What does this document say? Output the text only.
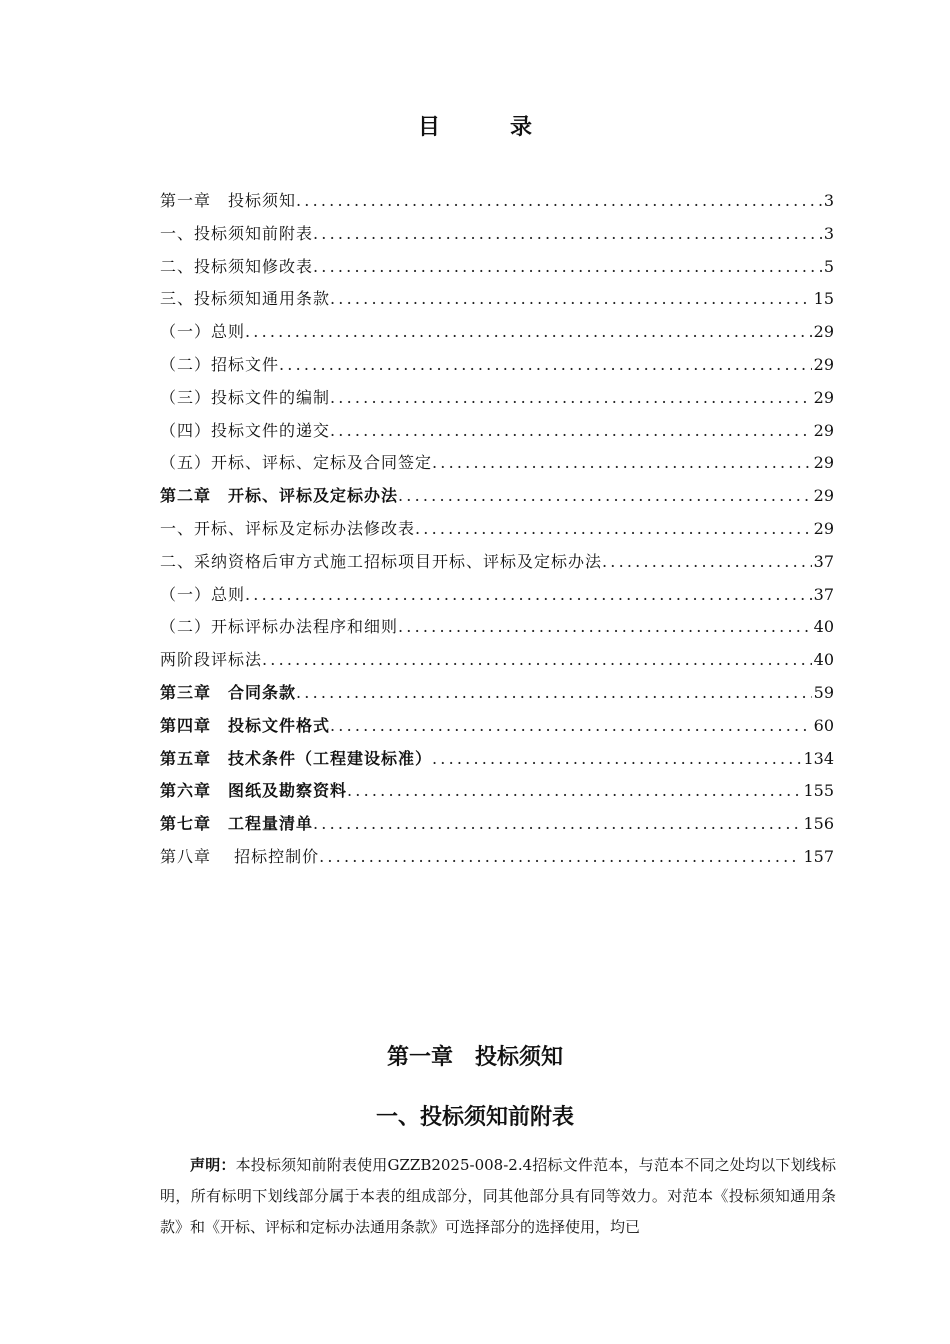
目	录
第一章　投标须知 .....	3
一、投标须知前附表 .....	3
二、投标须知修改表 .....	5
三、投标须知通用条款 .....	15
（一）总则 .....	29
（二）招标文件 .....	29
（三）投标文件的编制 .....	29
（四）投标文件的递交 .....	29
（五）开标、评标、定标及合同签定 .....	29
第二章　开标、评标及定标办法 .....	29
一、开标、评标及定标办法修改表 .....	29
二、采纳资格后审方式施工招标项目开标、评标及定标办法 .....	37
（一）总则 .....	37
（二）开标评标办法程序和细则 .....	40
两阶段评标法 .....	40
第三章　合同条款 .....	59
第四章　投标文件格式 .....	60
第五章　技术条件（工程建设标准） .....	134
第六章　图纸及勘察资料 .....	155
第七章　工程量清单 .....	156
第八章　 招标控制价 .....	157
第一章　投标须知
一、投标须知前附表

声明：本投标须知前附表使用GZZB2025-008-2.4招标文件范本，与范本不同之处均以下划线标明，所有标明下划线部分属于本表的组成部分，同其他部分具有同等效力。对范本《投标须知通用条款》和《开标、评标和定标办法通用条款》可选择部分的选择使用，均已
